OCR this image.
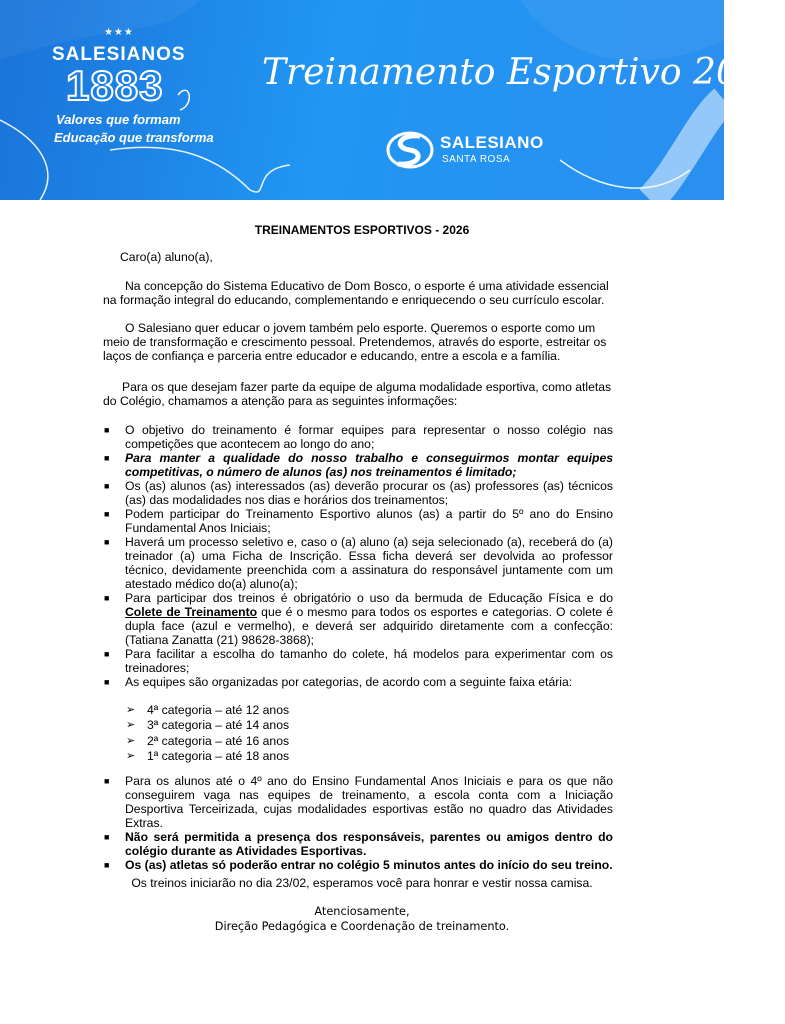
★★★
SALESIANOS
1883
Valores que formam
Educação que transforma
Treinamento Esportivo 2026
SALESIANO
SANTA ROSA
TREINAMENTOS ESPORTIVOS - 2026
Caro(a) aluno(a),
Na concepção do Sistema Educativo de Dom Bosco, o esporte é uma atividade essencial na formação integral do educando, complementando e enriquecendo o seu currículo escolar.
O Salesiano quer educar o jovem também pelo esporte. Queremos o esporte como um meio de transformação e crescimento pessoal. Pretendemos, através do esporte, estreitar os laços de confiança e parceria entre educador e educando, entre a escola e a família.
Para os que desejam fazer parte da equipe de alguma modalidade esportiva, como atletas do Colégio, chamamos a atenção para as seguintes informações:
■ O objetivo do treinamento é formar equipes para representar o nosso colégio nas competições que acontecem ao longo do ano;
■ Para manter a qualidade do nosso trabalho e conseguirmos montar equipes competitivas, o número de alunos (as) nos treinamentos é limitado;
■ Os (as) alunos (as) interessados (as) deverão procurar os (as) professores (as) técnicos (as) das modalidades nos dias e horários dos treinamentos;
■ Podem participar do Treinamento Esportivo alunos (as) a partir do 5º ano do Ensino Fundamental Anos Iniciais;
■ Haverá um processo seletivo e, caso o (a) aluno (a) seja selecionado (a), receberá do (a) treinador (a) uma Ficha de Inscrição. Essa ficha deverá ser devolvida ao professor técnico, devidamente preenchida com a assinatura do responsável juntamente com um atestado médico do(a) aluno(a);
■ Para participar dos treinos é obrigatório o uso da bermuda de Educação Física e do Colete de Treinamento que é o mesmo para todos os esportes e categorias. O colete é dupla face (azul e vermelho), e deverá ser adquirido diretamente com a confecção: (Tatiana Zanatta (21) 98628-3868);
■ Para facilitar a escolha do tamanho do colete, há modelos para experimentar com os treinadores;
■ As equipes são organizadas por categorias, de acordo com a seguinte faixa etária:
➢ 4ª categoria – até 12 anos
➢ 3ª categoria – até 14 anos
➢ 2ª categoria – até 16 anos
➢ 1ª categoria – até 18 anos
■ Para os alunos até o 4º ano do Ensino Fundamental Anos Iniciais e para os que não conseguirem vaga nas equipes de treinamento, a escola conta com a Iniciação Desportiva Terceirizada, cujas modalidades esportivas estão no quadro das Atividades Extras.
■ Não será permitida a presença dos responsáveis, parentes ou amigos dentro do colégio durante as Atividades Esportivas.
■ Os (as) atletas só poderão entrar no colégio 5 minutos antes do início do seu treino.
Os treinos iniciarão no dia 23/02, esperamos você para honrar e vestir nossa camisa.
Atenciosamente,
Direção Pedagógica e Coordenação de treinamento.
